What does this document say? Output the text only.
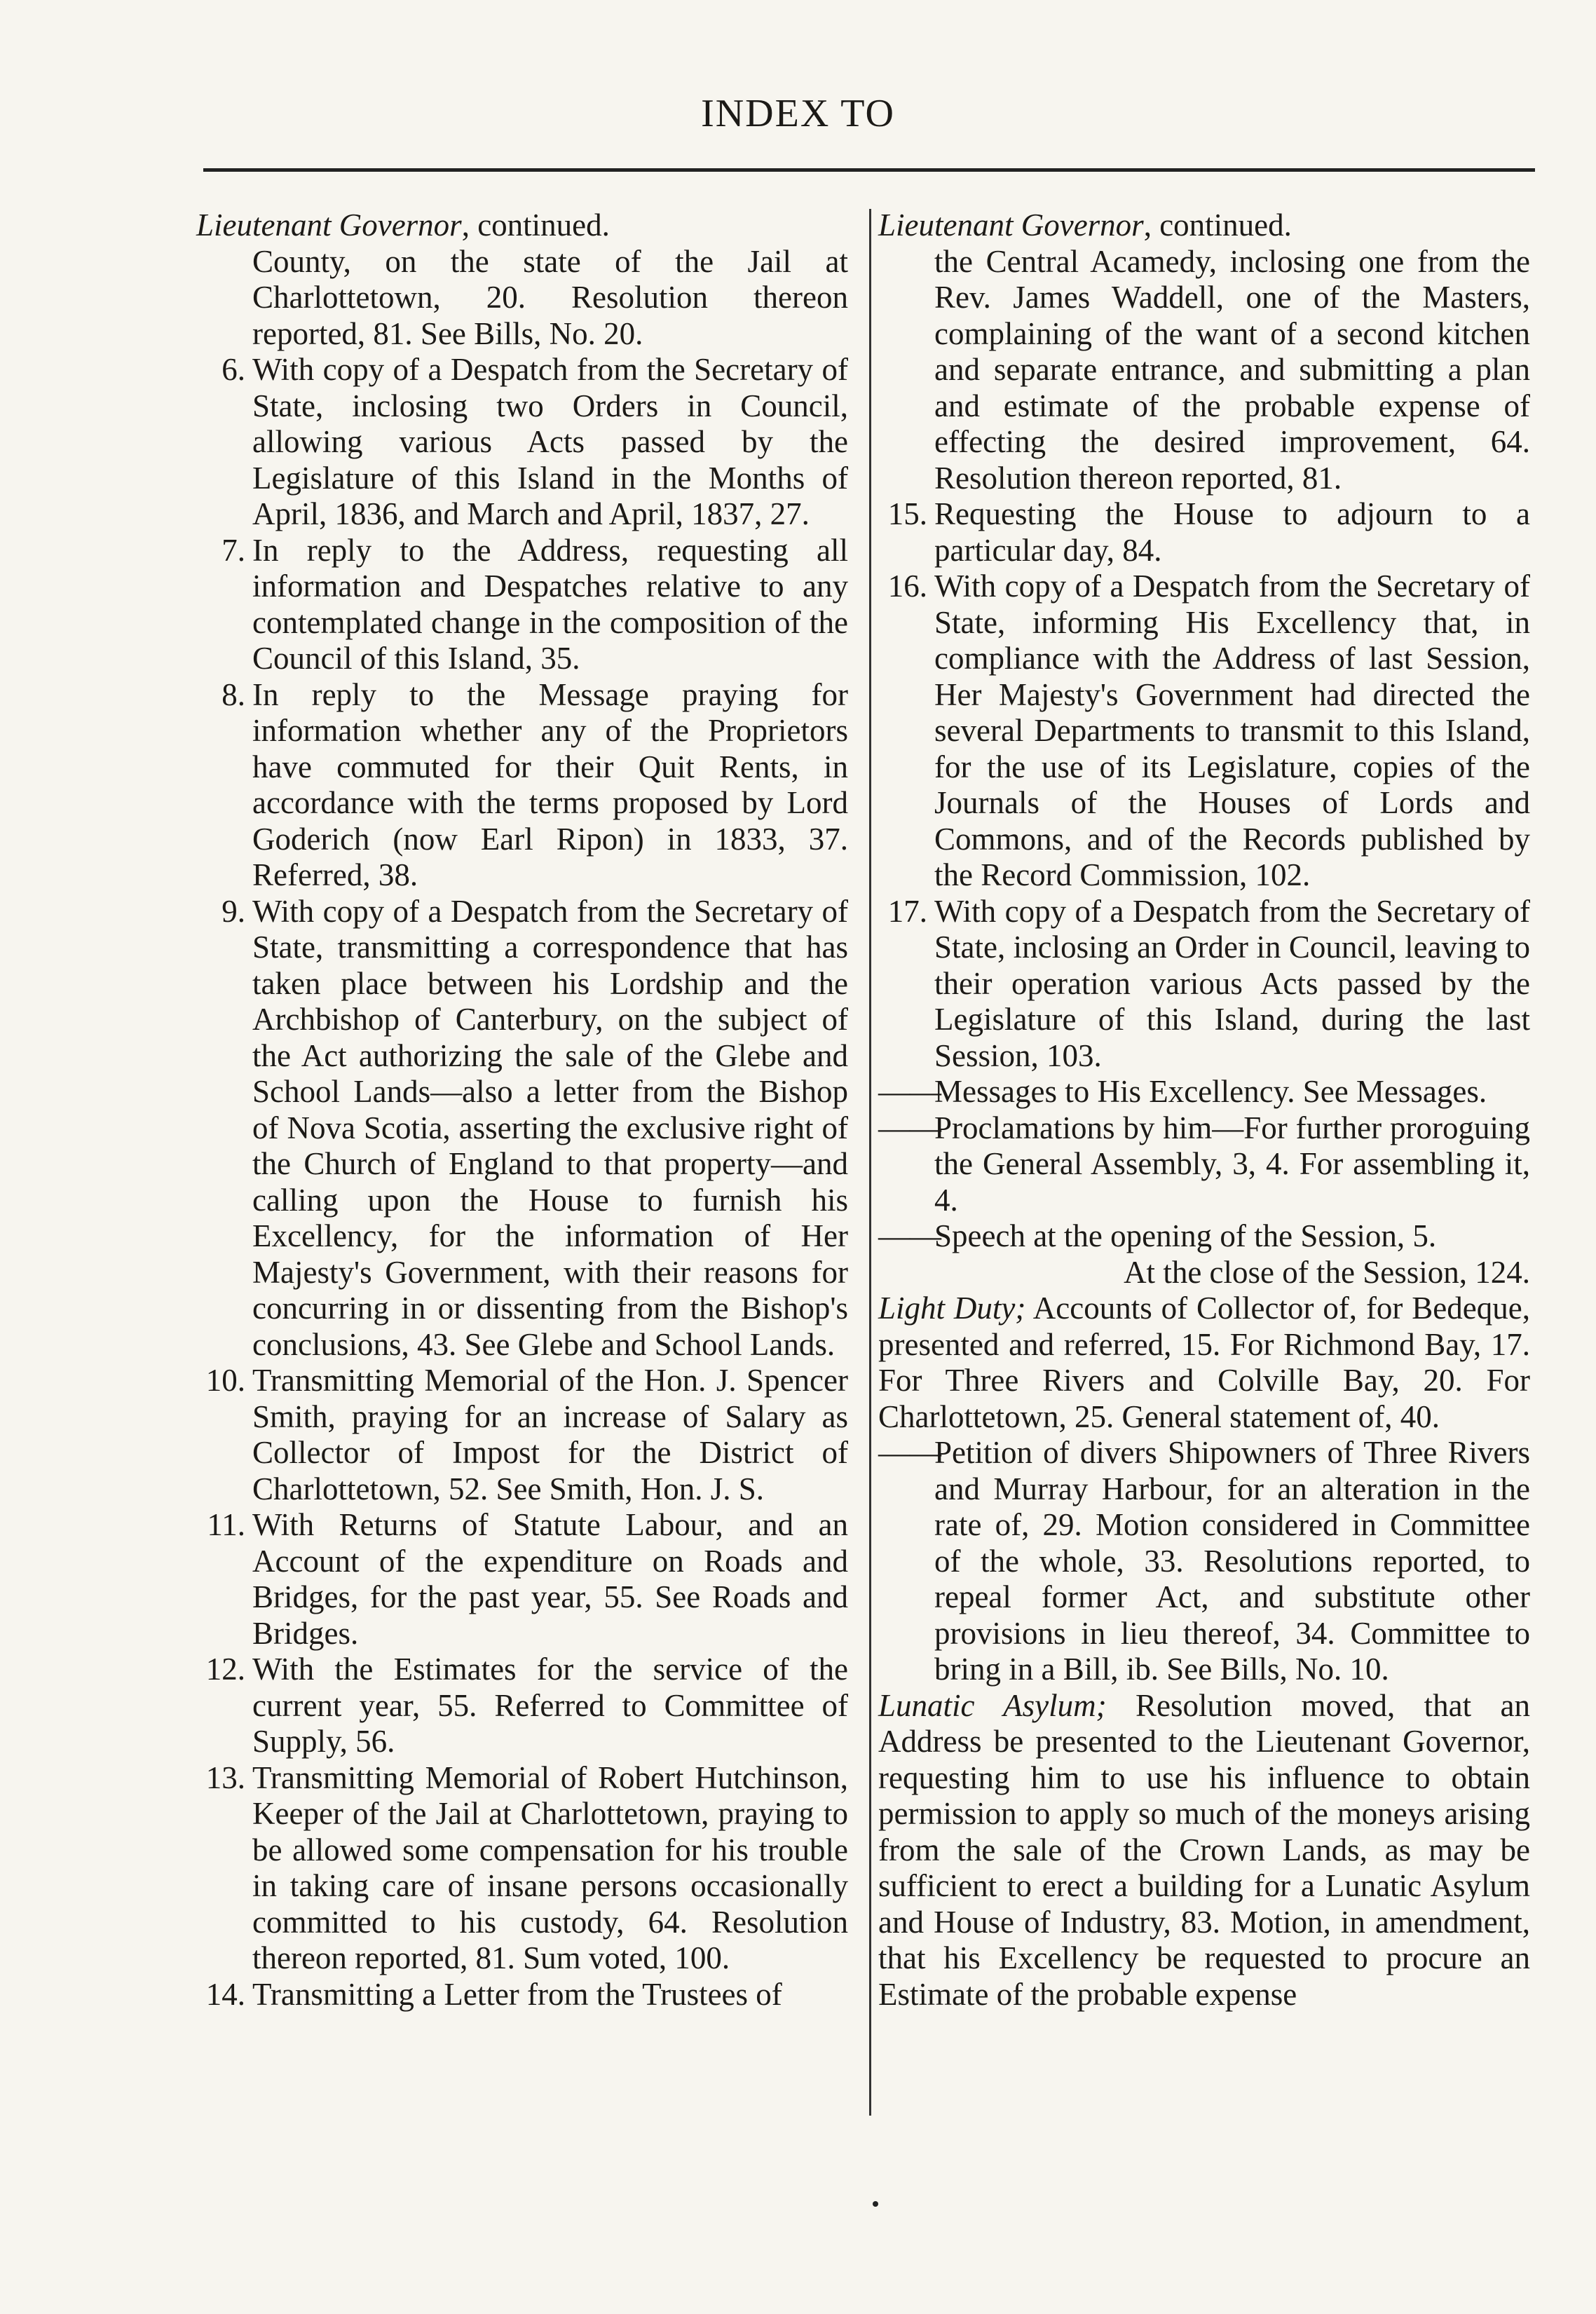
INDEX TO
Lieutenant Governor, continued.
County, on the state of the Jail at Charlottetown, 20. Resolution thereon reported, 81. See Bills, No. 20.
6. With copy of a Despatch from the Secretary of State, inclosing two Orders in Council, allowing various Acts passed by the Legislature of this Island in the Months of April, 1836, and March and April, 1837, 27.
7. In reply to the Address, requesting all information and Despatches relative to any contemplated change in the composition of the Council of this Island, 35.
8. In reply to the Message praying for information whether any of the Proprietors have commuted for their Quit Rents, in accordance with the terms proposed by Lord Goderich (now Earl Ripon) in 1833, 37. Referred, 38.
9. With copy of a Despatch from the Secretary of State, transmitting a correspondence that has taken place between his Lordship and the Archbishop of Canterbury, on the subject of the Act authorizing the sale of the Glebe and School Lands—also a letter from the Bishop of Nova Scotia, asserting the exclusive right of the Church of England to that property—and calling upon the House to furnish his Excellency, for the information of Her Majesty's Government, with their reasons for concurring in or dissenting from the Bishop's conclusions, 43. See Glebe and School Lands.
10. Transmitting Memorial of the Hon. J. Spencer Smith, praying for an increase of Salary as Collector of Impost for the District of Charlottetown, 52. See Smith, Hon. J. S.
11. With Returns of Statute Labour, and an Account of the expenditure on Roads and Bridges, for the past year, 55. See Roads and Bridges.
12. With the Estimates for the service of the current year, 55. Referred to Committee of Supply, 56.
13. Transmitting Memorial of Robert Hutchinson, Keeper of the Jail at Charlottetown, praying to be allowed some compensation for his trouble in taking care of insane persons occasionally committed to his custody, 64. Resolution thereon reported, 81. Sum voted, 100.
14. Transmitting a Letter from the Trustees of
Lieutenant Governor, continued.
the Central Acamedy, inclosing one from the Rev. James Waddell, one of the Masters, complaining of the want of a second kitchen and separate entrance, and submitting a plan and estimate of the probable expense of effecting the desired improvement, 64. Resolution thereon reported, 81.
15. Requesting the House to adjourn to a particular day, 84.
16. With copy of a Despatch from the Secretary of State, informing His Excellency that, in compliance with the Address of last Session, Her Majesty's Government had directed the several Departments to transmit to this Island, for the use of its Legislature, copies of the Journals of the Houses of Lords and Commons, and of the Records published by the Record Commission, 102.
17. With copy of a Despatch from the Secretary of State, inclosing an Order in Council, leaving to their operation various Acts passed by the Legislature of this Island, during the last Session, 103.
——
Messages to His Excellency. See Messages.
——
Proclamations by him—For further proroguing the General Assembly, 3, 4. For assembling it, 4.
——
Speech at the opening of the Session, 5.
At the close of the Session, 124.
Light Duty; Accounts of Collector of, for Bedeque, presented and referred, 15. For Richmond Bay, 17. For Three Rivers and Colville Bay, 20. For Charlottetown, 25. General statement of, 40.
——
Petition of divers Shipowners of Three Rivers and Murray Harbour, for an alteration in the rate of, 29. Motion considered in Committee of the whole, 33. Resolutions reported, to repeal former Act, and substitute other provisions in lieu thereof, 34. Committee to bring in a Bill, ib. See Bills, No. 10.
Lunatic Asylum; Resolution moved, that an Address be presented to the Lieutenant Governor, requesting him to use his influence to obtain permission to apply so much of the moneys arising from the sale of the Crown Lands, as may be sufficient to erect a building for a Lunatic Asylum and House of Industry, 83. Motion, in amendment, that his Excellency be requested to procure an Estimate of the probable expense
